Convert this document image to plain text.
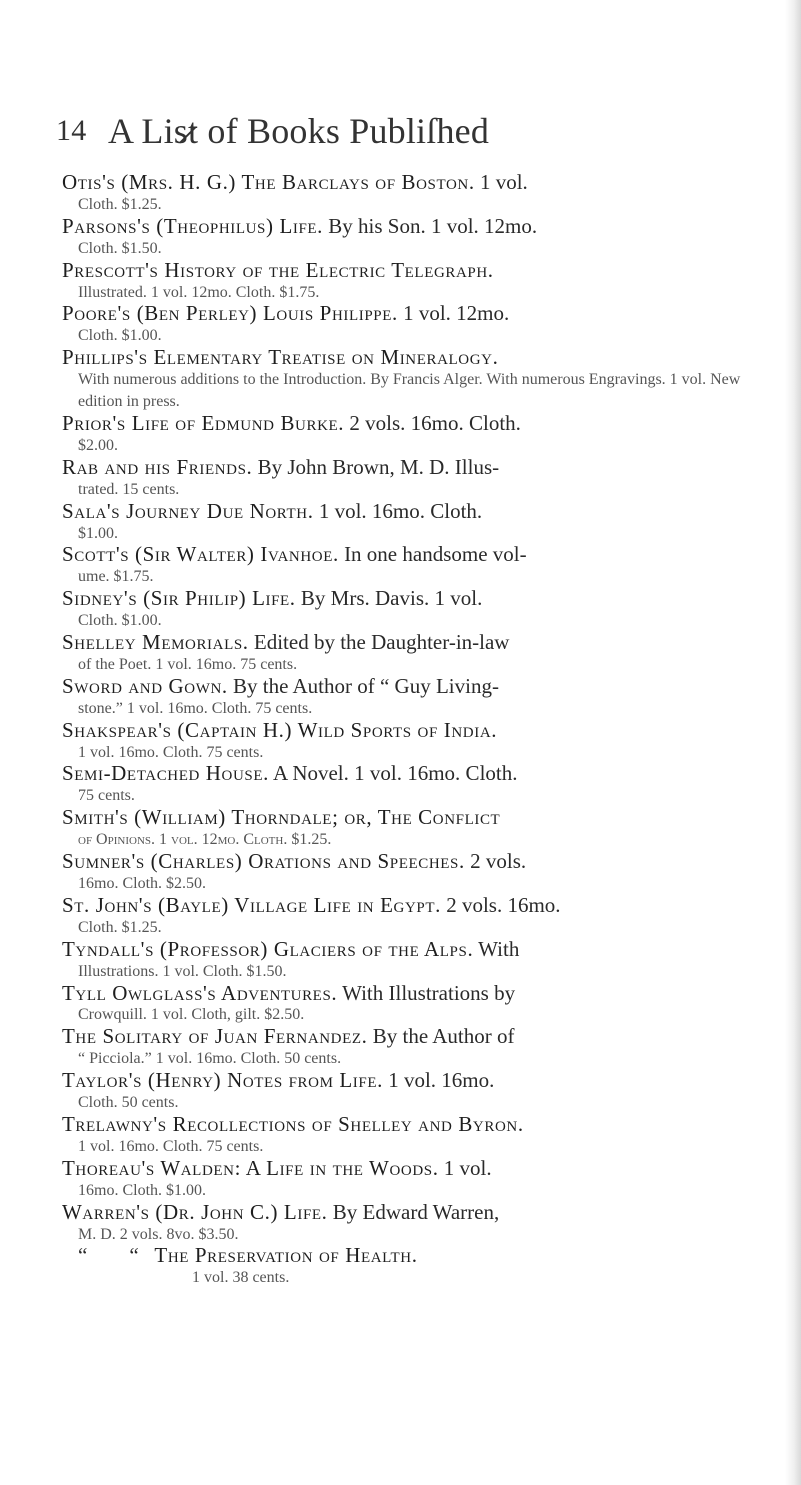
14 A Lis̷t of Books Publiſhed
Otis's (Mrs. H. G.) The Barclays of Boston. 1 vol.
Cloth. $1.25.
Parsons's (Theophilus) Life. By his Son. 1 vol. 12mo.
Cloth. $1.50.
Prescott's History of the Electric Telegraph.
Illustrated. 1 vol. 12mo. Cloth. $1.75.
Poore's (Ben Perley) Louis Philippe. 1 vol. 12mo.
Cloth. $1.00.
Phillips's Elementary Treatise on Mineralogy.
With numerous additions to the Introduction. By Francis Alger. With numerous Engravings. 1 vol. New edition in press.
Prior's Life of Edmund Burke. 2 vols. 16mo. Cloth.
$2.00.
Rab and his Friends. By John Brown, M. D. Illus-
trated. 15 cents.
Sala's Journey Due North. 1 vol. 16mo. Cloth.
$1.00.
Scott's (Sir Walter) Ivanhoe. In one handsome vol-
ume. $1.75.
Sidney's (Sir Philip) Life. By Mrs. Davis. 1 vol.
Cloth. $1.00.
Shelley Memorials. Edited by the Daughter-in-law
of the Poet. 1 vol. 16mo. 75 cents.
Sword and Gown. By the Author of “ Guy Living-
stone.” 1 vol. 16mo. Cloth. 75 cents.
Shakspear's (Captain H.) Wild Sports of India.
1 vol. 16mo. Cloth. 75 cents.
Semi-Detached House. A Novel. 1 vol. 16mo. Cloth.
75 cents.
Smith's (William) Thorndale; or, The Conflict
of Opinions. 1 vol. 12mo. Cloth. $1.25.
Sumner's (Charles) Orations and Speeches. 2 vols.
16mo. Cloth. $2.50.
St. John's (Bayle) Village Life in Egypt. 2 vols. 16mo.
Cloth. $1.25.
Tyndall's (Professor) Glaciers of the Alps. With
Illustrations. 1 vol. Cloth. $1.50.
Tyll Owlglass's Adventures. With Illustrations by
Crowquill. 1 vol. Cloth, gilt. $2.50.
The Solitary of Juan Fernandez. By the Author of
“ Picciola.” 1 vol. 16mo. Cloth. 50 cents.
Taylor's (Henry) Notes from Life. 1 vol. 16mo.
Cloth. 50 cents.
Trelawny's Recollections of Shelley and Byron.
1 vol. 16mo. Cloth. 75 cents.
Thoreau's Walden: A Life in the Woods. 1 vol.
16mo. Cloth. $1.00.
Warren's (Dr. John C.) Life. By Edward Warren,
M. D. 2 vols. 8vo. $3.50.
“        “ The Preservation of Health.
1 vol. 38 cents.
